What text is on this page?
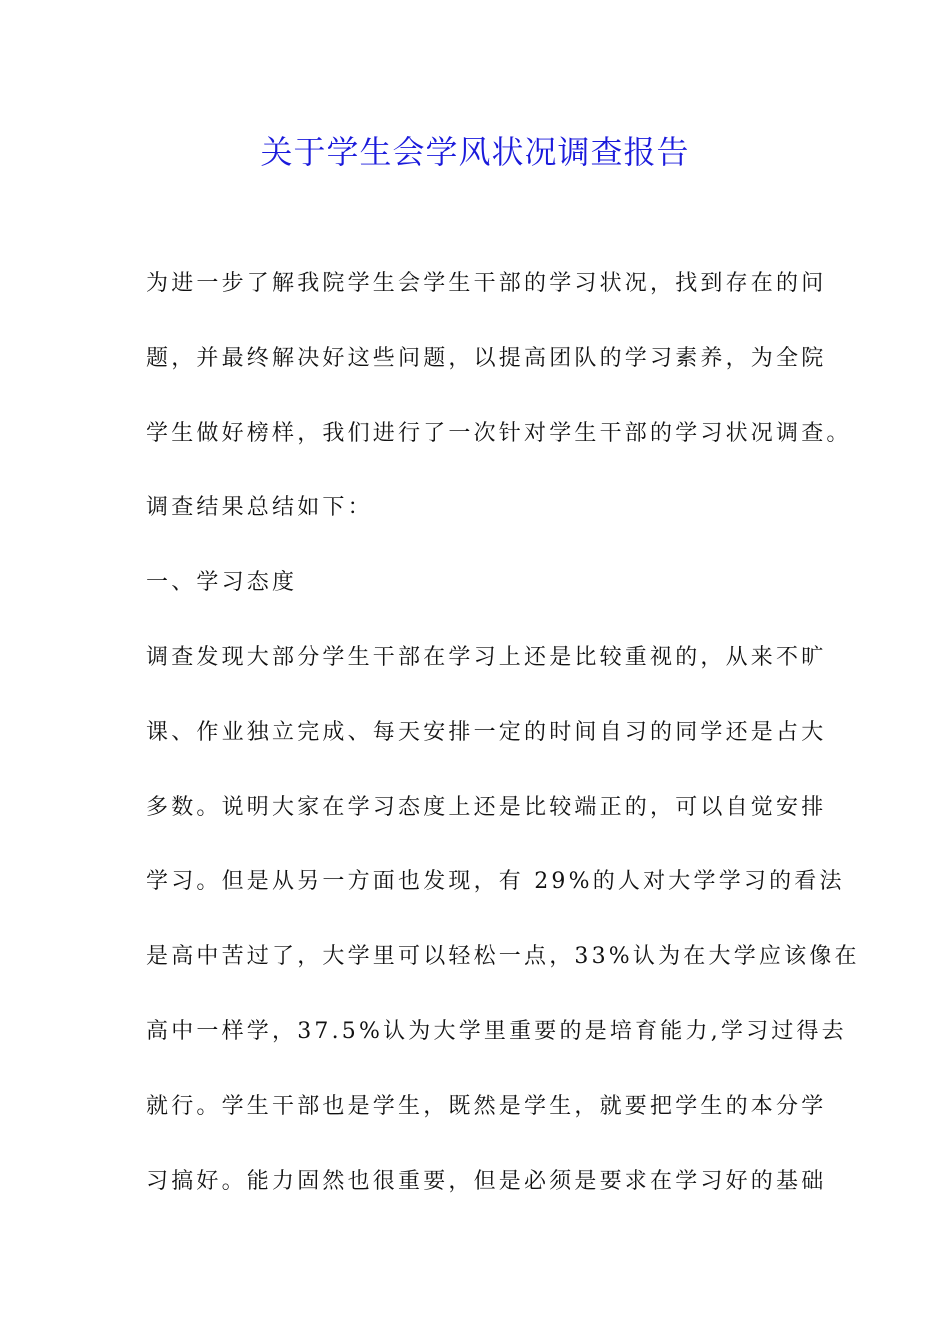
关于学生会学风状况调查报告
为进一步了解我院学生会学生干部的学习状况，找到存在的问
题，并最终解决好这些问题，以提高团队的学习素养，为全院
学生做好榜样，我们进行了一次针对学生干部的学习状况调查。
调查结果总结如下：
一、学习态度
调查发现大部分学生干部在学习上还是比较重视的，从来不旷
课、作业独立完成、每天安排一定的时间自习的同学还是占大
多数。说明大家在学习态度上还是比较端正的，可以自觉安排
学习。但是从另一方面也发现，有 29%的人对大学学习的看法
是高中苦过了，大学里可以轻松一点，33%认为在大学应该像在
高中一样学，37.5%认为大学里重要的是培育能力,学习过得去
就行。学生干部也是学生，既然是学生，就要把学生的本分学
习搞好。能力固然也很重要，但是必须是要求在学习好的基础
